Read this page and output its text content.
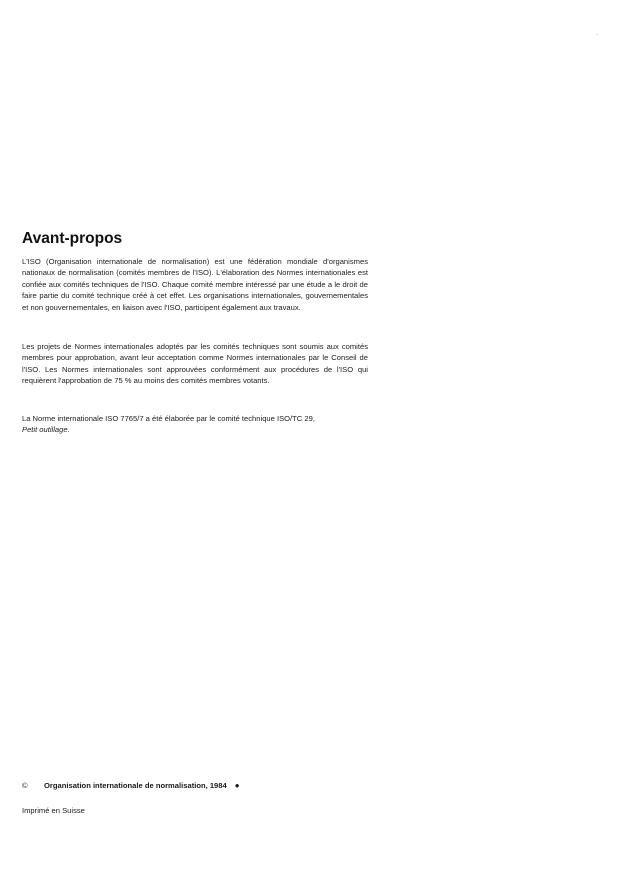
·
Avant-propos

L'ISO (Organisation internationale de normalisation) est une fédération mondiale d'organismes nationaux de normalisation (comités membres de l'ISO). L'élaboration des Normes internationales est confiée aux comités techniques de l'ISO. Chaque comité membre intéressé par une étude a le droit de faire partie du comité technique créé à cet effet. Les organisations internationales, gouvernementales et non gouvernementales, en liaison avec l'ISO, participent également aux travaux.

Les projets de Normes internationales adoptés par les comités techniques sont soumis aux comités membres pour approbation, avant leur acceptation comme Normes internationales par le Conseil de l'ISO. Les Normes internationales sont approuvées conformément aux procédures de l'ISO qui requièrent l'approbation de 75 % au moins des comités membres votants.

La Norme internationale ISO 7765/7 a été élaborée par le comité technique ISO/TC 29,
Petit outillage.

© Organisation internationale de normalisation, 1984 ●
Imprimé en Suisse
